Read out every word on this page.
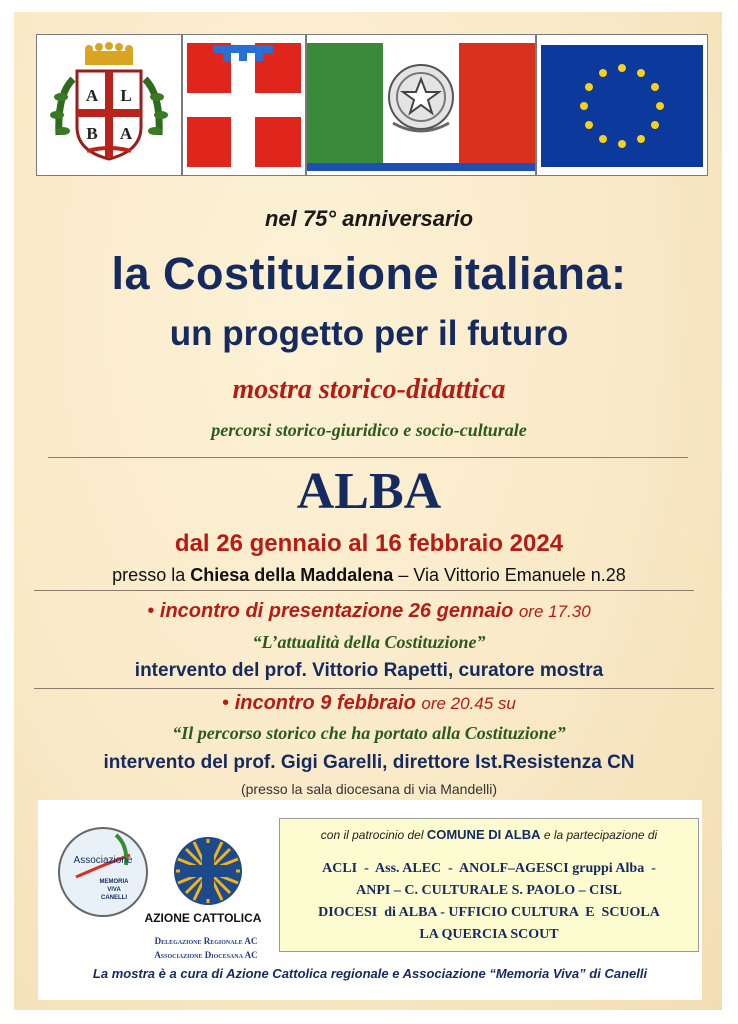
A L
B A
nel 75° anniversario
la Costituzione italiana:
un progetto per il futuro
mostra storico-didattica
percorsi storico-giuridico e socio-culturale
ALBA
dal 26 gennaio al 16 febbraio 2024
presso la Chiesa della Maddalena – Via Vittorio Emanuele n.28
• incontro di presentazione 26 gennaio ore 17.30
“L’attualità della Costituzione”
intervento del prof. Vittorio Rapetti, curatore mostra
• incontro 9 febbraio ore 20.45 su
“Il percorso storico che ha portato alla Costituzione”
intervento del prof. Gigi Garelli, direttore Ist.Resistenza CN
(presso la sala diocesana di via Mandelli)
Associazione
MEMORIA
VIVA
CANELLI
AZIONE CATTOLICA
Delegazione Regionale AC
Associazione Diocesana AC
con il patrocinio del COMUNE DI ALBA e la partecipazione di
ACLI  -  Ass. ALEC  -  ANOLF–AGESCI gruppi Alba  -
ANPI – C. CULTURALE S. PAOLO – CISL
DIOCESI  di ALBA - UFFICIO CULTURA  E  SCUOLA
LA QUERCIA SCOUT
La mostra è a cura di Azione Cattolica regionale e Associazione “Memoria Viva” di Canelli
